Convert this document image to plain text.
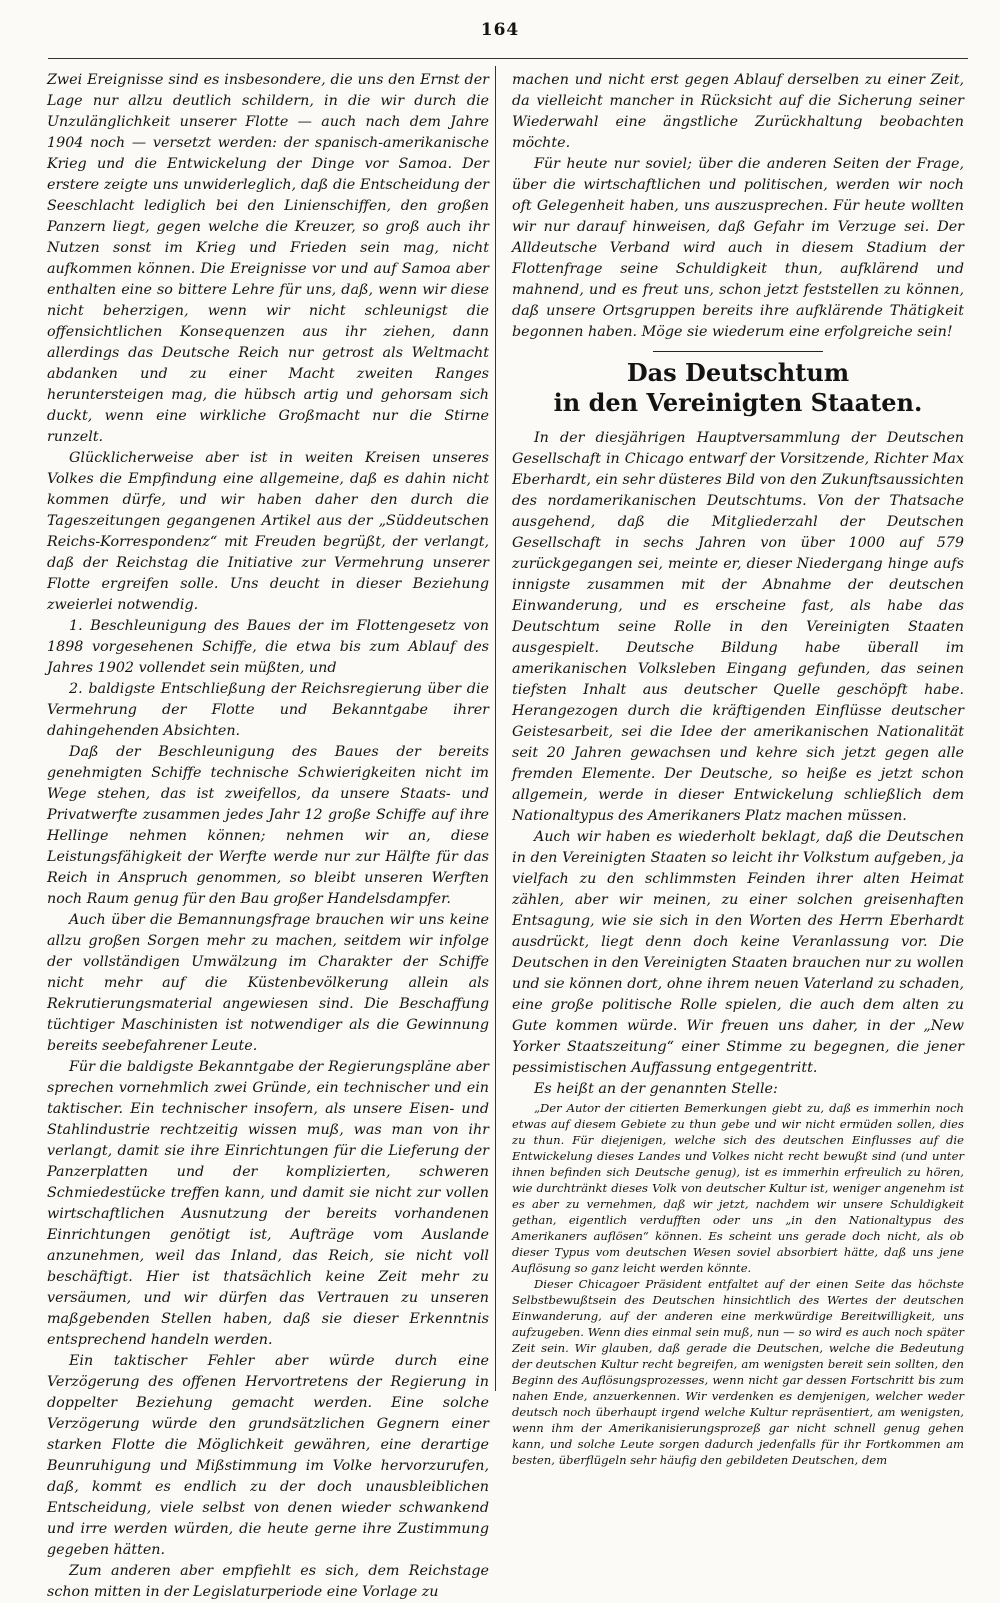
164

Zwei Ereignisse sind es insbesondere, die uns den Ernst der Lage nur allzu deutlich schildern, in die wir durch die Unzulänglichkeit unserer Flotte — auch nach dem Jahre 1904 noch — versetzt werden: der spanisch-amerikanische Krieg und die Entwickelung der Dinge vor Samoa. Der erstere zeigte uns unwiderleglich, daß die Entscheidung der Seeschlacht lediglich bei den Linienschiffen, den großen Panzern liegt, gegen welche die Kreuzer, so groß auch ihr Nutzen sonst im Krieg und Frieden sein mag, nicht aufkommen können. Die Ereignisse vor und auf Samoa aber enthalten eine so bittere Lehre für uns, daß, wenn wir diese nicht beherzigen, wenn wir nicht schleunigst die offensichtlichen Konsequenzen aus ihr ziehen, dann allerdings das Deutsche Reich nur getrost als Weltmacht abdanken und zu einer Macht zweiten Ranges heruntersteigen mag, die hübsch artig und gehorsam sich duckt, wenn eine wirkliche Großmacht nur die Stirne runzelt.

Glücklicherweise aber ist in weiten Kreisen unseres Volkes die Empfindung eine allgemeine, daß es dahin nicht kommen dürfe, und wir haben daher den durch die Tageszeitungen gegangenen Artikel aus der „Süddeutschen Reichs-Korrespondenz“ mit Freuden begrüßt, der verlangt, daß der Reichstag die Initiative zur Vermehrung unserer Flotte ergreifen solle. Uns deucht in dieser Beziehung zweierlei notwendig.

1. Beschleunigung des Baues der im Flottengesetz von 1898 vorgesehenen Schiffe, die etwa bis zum Ablauf des Jahres 1902 vollendet sein müßten, und

2. baldigste Entschließung der Reichsregierung über die Vermehrung der Flotte und Bekanntgabe ihrer dahingehenden Absichten.

Daß der Beschleunigung des Baues der bereits genehmigten Schiffe technische Schwierigkeiten nicht im Wege stehen, das ist zweifellos, da unsere Staats- und Privatwerfte zusammen jedes Jahr 12 große Schiffe auf ihre Hellinge nehmen können; nehmen wir an, diese Leistungsfähigkeit der Werfte werde nur zur Hälfte für das Reich in Anspruch genommen, so bleibt unseren Werften noch Raum genug für den Bau großer Handelsdampfer.

Auch über die Bemannungsfrage brauchen wir uns keine allzu großen Sorgen mehr zu machen, seitdem wir infolge der vollständigen Umwälzung im Charakter der Schiffe nicht mehr auf die Küstenbevölkerung allein als Rekrutierungsmaterial angewiesen sind. Die Beschaffung tüchtiger Maschinisten ist notwendiger als die Gewinnung bereits seebefahrener Leute.

Für die baldigste Bekanntgabe der Regierungspläne aber sprechen vornehmlich zwei Gründe, ein technischer und ein taktischer. Ein technischer insofern, als unsere Eisen- und Stahlindustrie rechtzeitig wissen muß, was man von ihr verlangt, damit sie ihre Einrichtungen für die Lieferung der Panzerplatten und der komplizierten, schweren Schmiedestücke treffen kann, und damit sie nicht zur vollen wirtschaftlichen Ausnutzung der bereits vorhandenen Einrichtungen genötigt ist, Aufträge vom Auslande anzunehmen, weil das Inland, das Reich, sie nicht voll beschäftigt. Hier ist thatsächlich keine Zeit mehr zu versäumen, und wir dürfen das Vertrauen zu unseren maßgebenden Stellen haben, daß sie dieser Erkenntnis entsprechend handeln werden.

Ein taktischer Fehler aber würde durch eine Verzögerung des offenen Hervortretens der Regierung in doppelter Beziehung gemacht werden. Eine solche Verzögerung würde den grundsätzlichen Gegnern einer starken Flotte die Möglichkeit gewähren, eine derartige Beunruhigung und Mißstimmung im Volke hervorzurufen, daß, kommt es endlich zu der doch unausbleiblichen Entscheidung, viele selbst von denen wieder schwankend und irre werden würden, die heute gerne ihre Zustimmung gegeben hätten.

Zum anderen aber empfiehlt es sich, dem Reichstage schon mitten in der Legislaturperiode eine Vorlage zu

machen und nicht erst gegen Ablauf derselben zu einer Zeit, da vielleicht mancher in Rücksicht auf die Sicherung seiner Wiederwahl eine ängstliche Zurückhaltung beobachten möchte.

Für heute nur soviel; über die anderen Seiten der Frage, über die wirtschaftlichen und politischen, werden wir noch oft Gelegenheit haben, uns auszusprechen. Für heute wollten wir nur darauf hinweisen, daß Gefahr im Verzuge sei. Der Alldeutsche Verband wird auch in diesem Stadium der Flottenfrage seine Schuldigkeit thun, aufklärend und mahnend, und es freut uns, schon jetzt feststellen zu können, daß unsere Ortsgruppen bereits ihre aufklärende Thätigkeit begonnen haben. Möge sie wiederum eine erfolgreiche sein!

Das Deutschtum
in den Vereinigten Staaten.

In der diesjährigen Hauptversammlung der Deutschen Gesellschaft in Chicago entwarf der Vorsitzende, Richter Max Eberhardt, ein sehr düsteres Bild von den Zukunftsaussichten des nordamerikanischen Deutschtums. Von der Thatsache ausgehend, daß die Mitgliederzahl der Deutschen Gesellschaft in sechs Jahren von über 1000 auf 579 zurückgegangen sei, meinte er, dieser Niedergang hinge aufs innigste zusammen mit der Abnahme der deutschen Einwanderung, und es erscheine fast, als habe das Deutschtum seine Rolle in den Vereinigten Staaten ausgespielt. Deutsche Bildung habe überall im amerikanischen Volksleben Eingang gefunden, das seinen tiefsten Inhalt aus deutscher Quelle geschöpft habe. Herangezogen durch die kräftigenden Einflüsse deutscher Geistesarbeit, sei die Idee der amerikanischen Nationalität seit 20 Jahren gewachsen und kehre sich jetzt gegen alle fremden Elemente. Der Deutsche, so heiße es jetzt schon allgemein, werde in dieser Entwickelung schließlich dem Nationaltypus des Amerikaners Platz machen müssen.

Auch wir haben es wiederholt beklagt, daß die Deutschen in den Vereinigten Staaten so leicht ihr Volkstum aufgeben, ja vielfach zu den schlimmsten Feinden ihrer alten Heimat zählen, aber wir meinen, zu einer solchen greisenhaften Entsagung, wie sie sich in den Worten des Herrn Eberhardt ausdrückt, liegt denn doch keine Veranlassung vor. Die Deutschen in den Vereinigten Staaten brauchen nur zu wollen und sie können dort, ohne ihrem neuen Vaterland zu schaden, eine große politische Rolle spielen, die auch dem alten zu Gute kommen würde. Wir freuen uns daher, in der „New Yorker Staatszeitung“ einer Stimme zu begegnen, die jener pessimistischen Auffassung entgegentritt.

Es heißt an der genannten Stelle:

„Der Autor der citierten Bemerkungen giebt zu, daß es immerhin noch etwas auf diesem Gebiete zu thun gebe und wir nicht ermüden sollen, dies zu thun. Für diejenigen, welche sich des deutschen Einflusses auf die Entwickelung dieses Landes und Volkes nicht recht bewußt sind (und unter ihnen befinden sich Deutsche genug), ist es immerhin erfreulich zu hören, wie durchtränkt dieses Volk von deutscher Kultur ist, weniger angenehm ist es aber zu vernehmen, daß wir jetzt, nachdem wir unsere Schuldigkeit gethan, eigentlich verdufften oder uns „in den Nationaltypus des Amerikaners auflösen“ können. Es scheint uns gerade doch nicht, als ob dieser Typus vom deutschen Wesen soviel absorbiert hätte, daß uns jene Auflösung so ganz leicht werden könnte.

Dieser Chicagoer Präsident entfaltet auf der einen Seite das höchste Selbstbewußtsein des Deutschen hinsichtlich des Wertes der deutschen Einwanderung, auf der anderen eine merkwürdige Bereitwilligkeit, uns aufzugeben. Wenn dies einmal sein muß, nun — so wird es auch noch später Zeit sein. Wir glauben, daß gerade die Deutschen, welche die Bedeutung der deutschen Kultur recht begreifen, am wenigsten bereit sein sollten, den Beginn des Auflösungsprozesses, wenn nicht gar dessen Fortschritt bis zum nahen Ende, anzuerkennen. Wir verdenken es demjenigen, welcher weder deutsch noch überhaupt irgend welche Kultur repräsentiert, am wenigsten, wenn ihm der Amerikanisierungsprozeß gar nicht schnell genug gehen kann, und solche Leute sorgen dadurch jedenfalls für ihr Fortkommen am besten, überflügeln sehr häufig den gebildeten Deutschen, dem
